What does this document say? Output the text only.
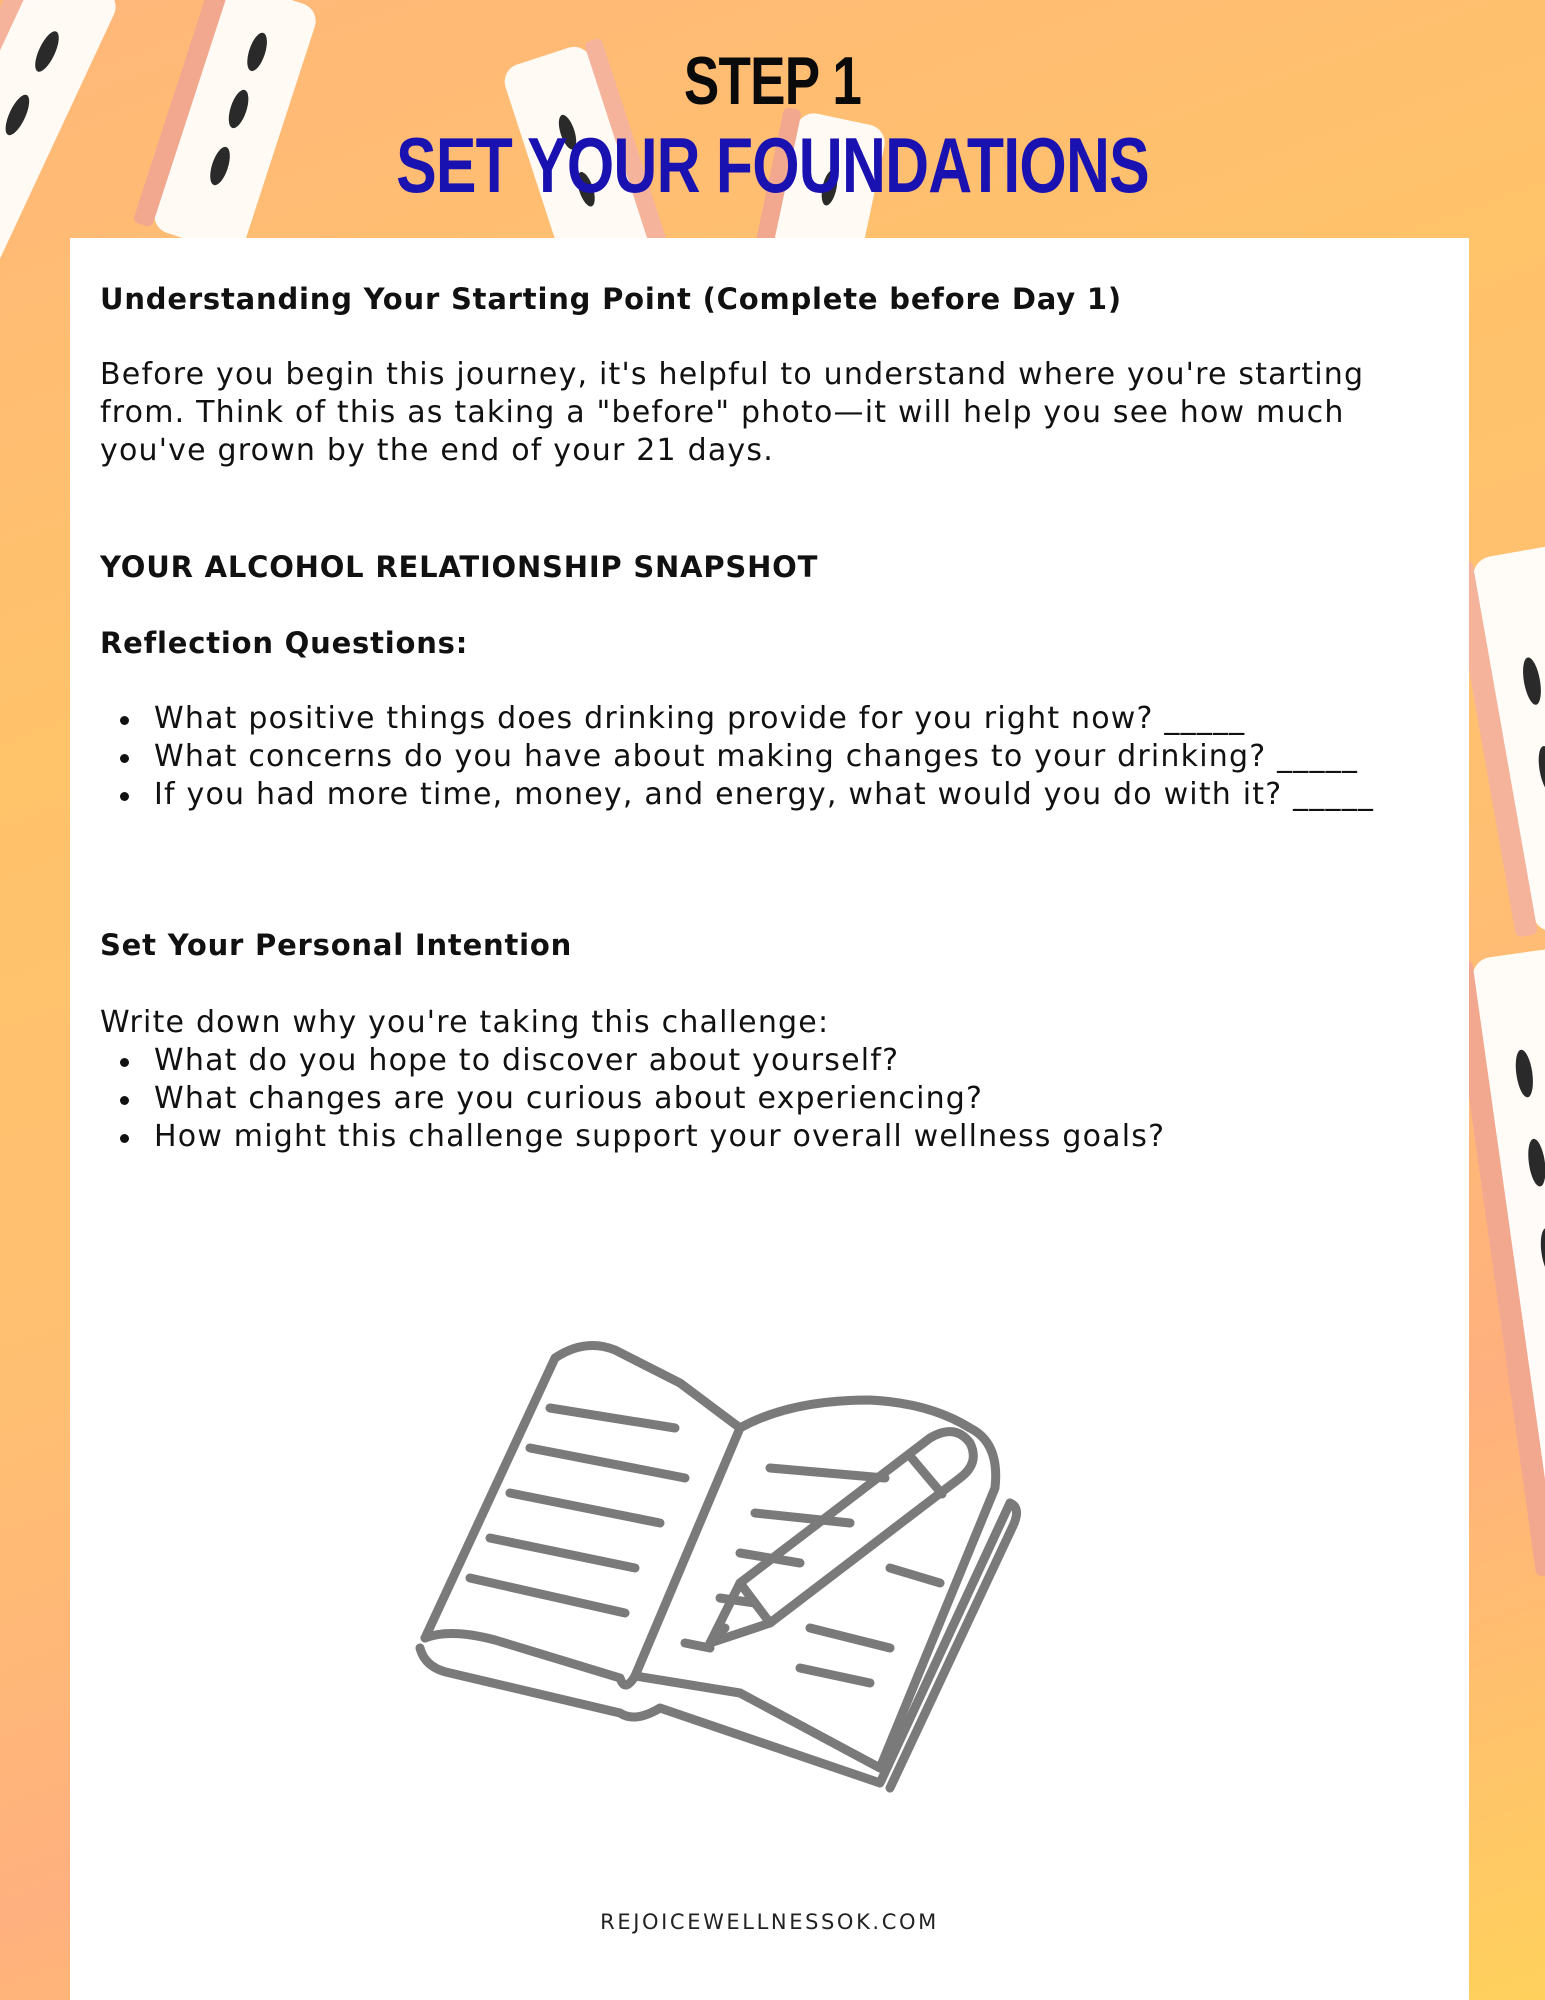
STEP 1
SET YOUR FOUNDATIONS
Understanding Your Starting Point (Complete before Day 1)

Before you begin this journey, it's helpful to understand where you're starting from. Think of this as taking a "before" photo—it will help you see how much you've grown by the end of your 21 days.

YOUR ALCOHOL RELATIONSHIP SNAPSHOT
Reflection Questions:
What positive things does drinking provide for you right now? _____
What concerns do you have about making changes to your drinking? _____
If you had more time, money, and energy, what would you do with it? _____
Set Your Personal Intention

Write down why you're taking this challenge:

What do you hope to discover about yourself?
What changes are you curious about experiencing?
How might this challenge support your overall wellness goals?
REJOICEWELLNESSOK.COM
